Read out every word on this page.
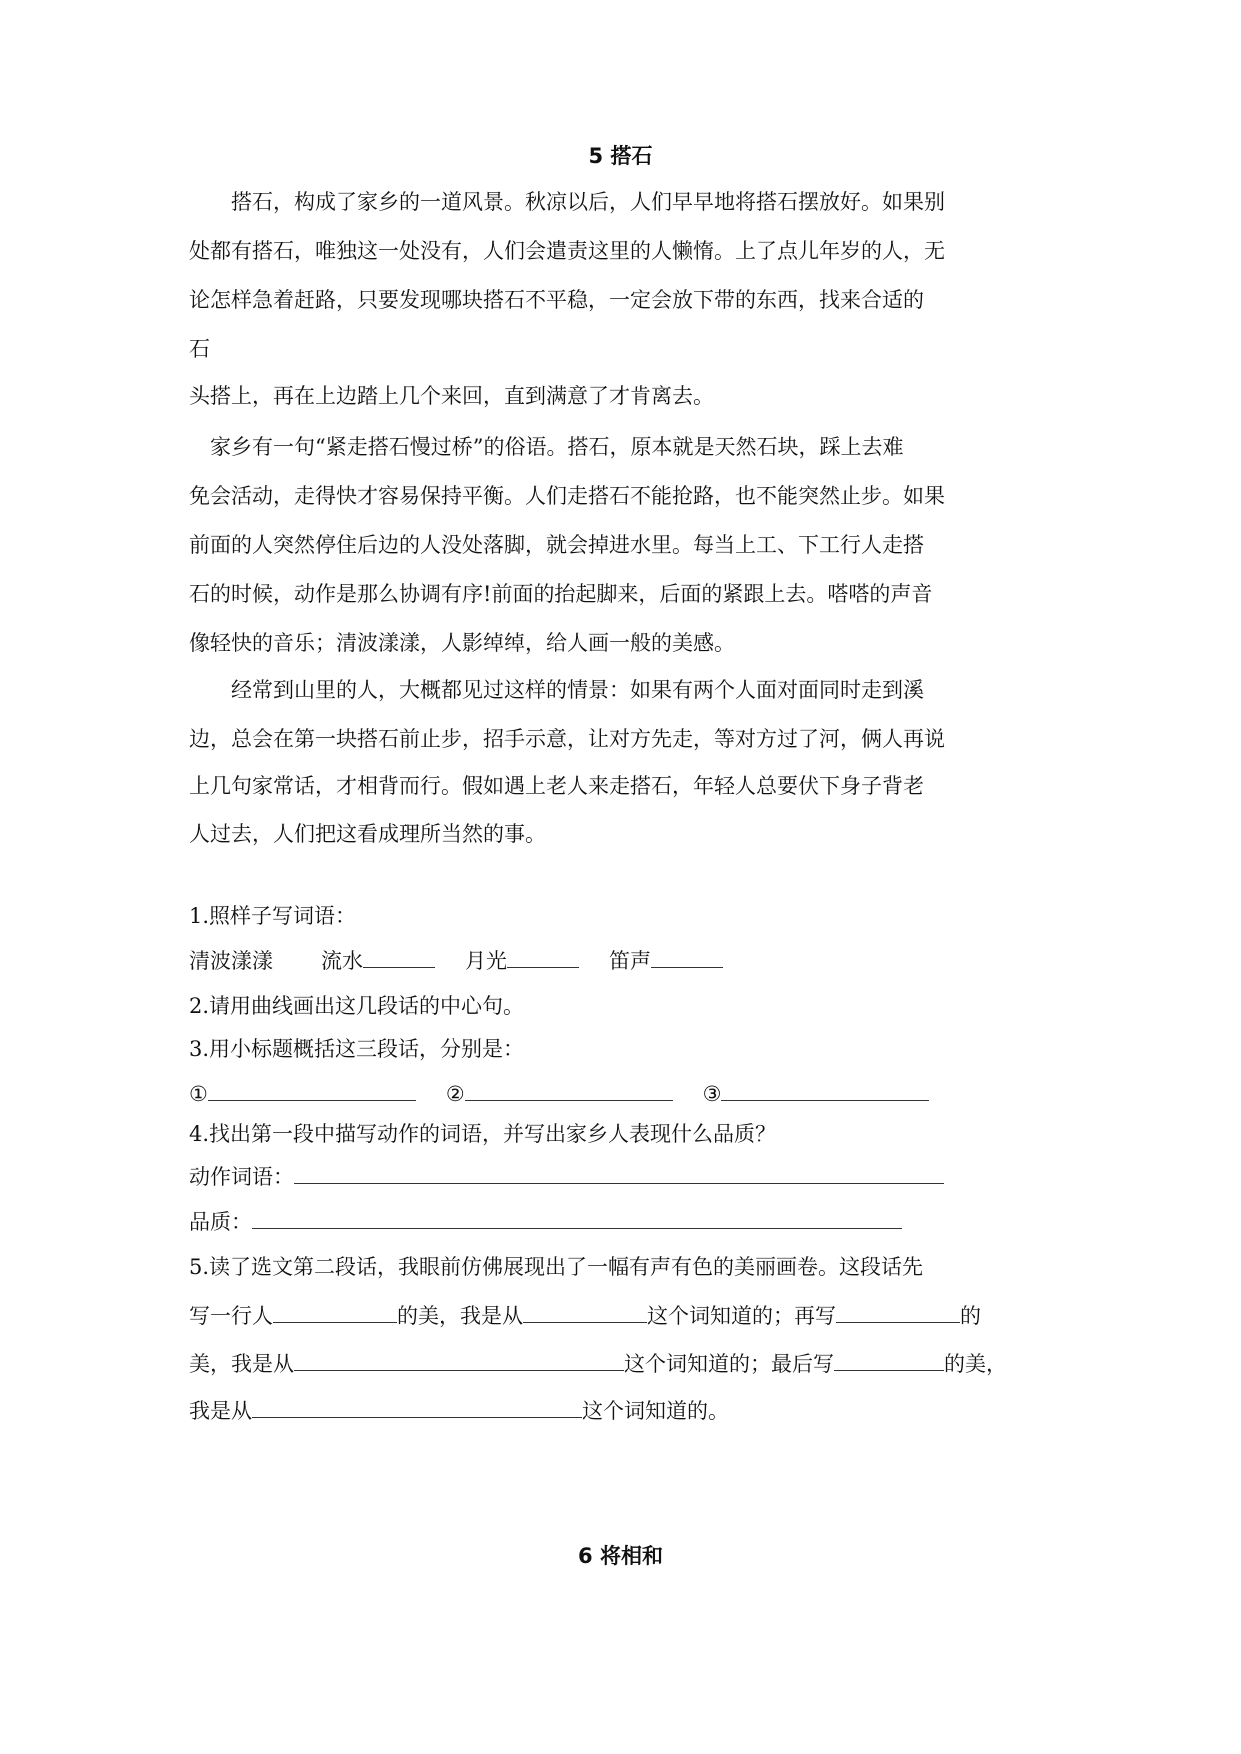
5 搭石
　　搭石，构成了家乡的一道风景。秋凉以后，人们早早地将搭石摆放好。如果别
处都有搭石，唯独这一处没有，人们会遣责这里的人懒惰。上了点儿年岁的人，无
论怎样急着赶路，只要发现哪块搭石不平稳，一定会放下带的东西，找来合适的
石
头搭上，再在上边踏上几个来回，直到满意了才肯离去。
　家乡有一句“紧走搭石慢过桥”的俗语。搭石，原本就是天然石块，踩上去难
免会活动，走得快才容易保持平衡。人们走搭石不能抢路，也不能突然止步。如果
前面的人突然停住后边的人没处落脚，就会掉进水里。每当上工、下工行人走搭
石的时候，动作是那么协调有序!前面的抬起脚来，后面的紧跟上去。嗒嗒的声音
像轻快的音乐；清波漾漾，人影绰绰，给人画一般的美感。
　　经常到山里的人，大概都见过这样的情景：如果有两个人面对面同时走到溪
边，总会在第一块搭石前止步，招手示意，让对方先走，等对方过了河，俩人再说
上几句家常话，才相背而行。假如遇上老人来走搭石，年轻人总要伏下身子背老
人过去，人们把这看成理所当然的事。
1.照样子写词语：
清波漾漾 流水	月光	笛声
2.请用曲线画出这几段话的中心句。
3.用小标题概括这三段话，分别是：
①	②	③
4.找出第一段中描写动作的词语，并写出家乡人表现什么品质？
动作词语：
品质：
5.读了选文第二段话，我眼前仿佛展现出了一幅有声有色的美丽画卷。这段话先
写一行人	的美，我是从	这个词知道的；再写	的
美，我是从	这个词知道的；最后写	的美，
我是从	这个词知道的。
6 将相和
